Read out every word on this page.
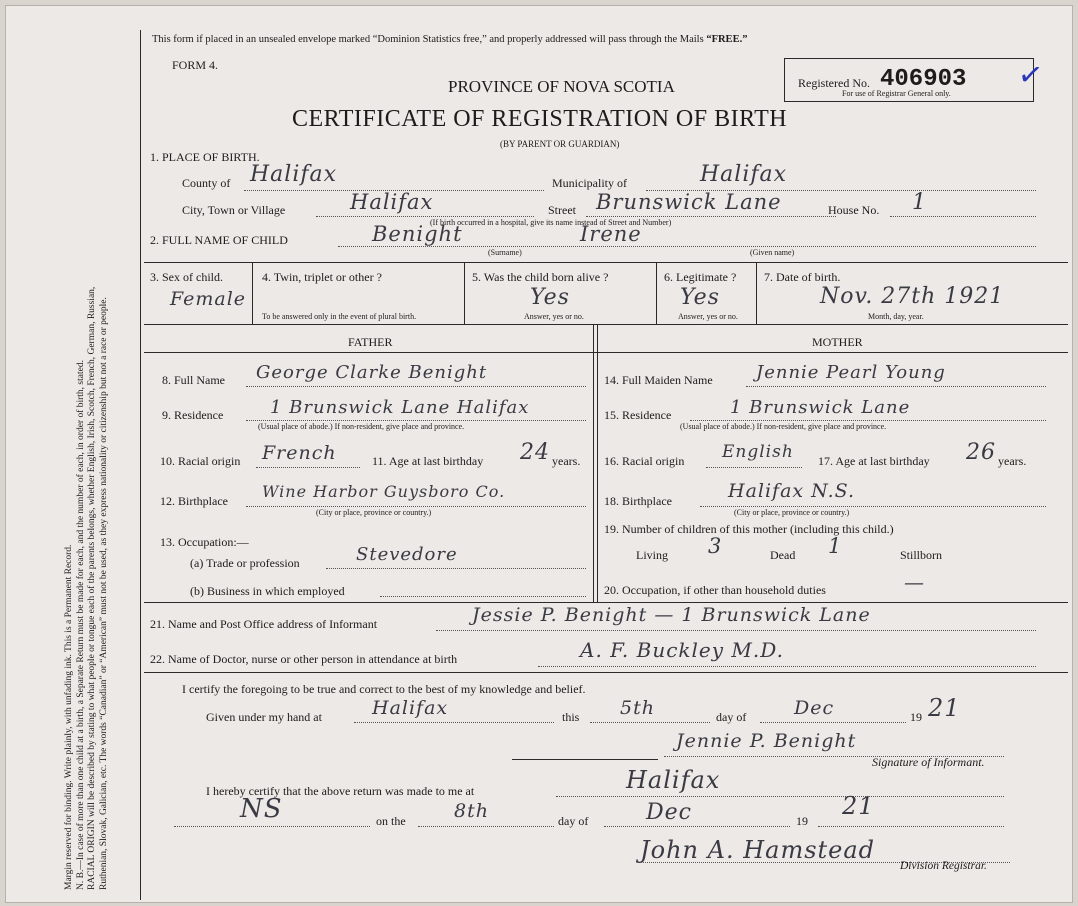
Margin reserved for binding. Write plainly, with unfading ink. This is a Permanent Record. N. B.—In case of more than one child at a birth, a Separate Return must be made for each, and the number of each, in order of birth, stated. RACIAL ORIGIN will be described by stating to what people or tongue each of the parents belongs, whether English, Irish, Scotch, French, German, Russian, Ruthenian, Slovak, Galician, etc. The words “Canadian” or “American” must not be used, as they express nationality or citizenship but not a race or people.
This form if placed in an unsealed envelope marked “Dominion Statistics free,” and properly addressed will pass through the Mails “FREE.”
FORM 4.
PROVINCE OF NOVA SCOTIA
CERTIFICATE OF REGISTRATION OF BIRTH
(BY PARENT OR GUARDIAN)
Registered No. 406903
For use of Registrar General only. ✓
1. PLACE OF BIRTH.
County of Halifax	Municipality of	Halifax
City, Town or Village	Halifax
(If birth occurred in a hospital, give its name instead of Street and Number)
Street Brunswick Lane	House No. 1
2. FULL NAME OF CHILD	Benight	Irene
(Surname)	(Given name)
3. Sex of child.
Female
4. Twin, triplet or other ?
To be answered only in the event of plural birth.
5. Was the child born alive ?
Yes
Answer, yes or no.
6. Legitimate ?
Yes
Answer, yes or no.
7. Date of birth.
Nov. 27th 1921
Month, day, year.
FATHER	MOTHER
8. Full Name George Clarke Benight
9. Residence	1 Brunswick Lane Halifax
(Usual place of abode.) If non-resident, give place and province.
10. Racial origin French	11. Age at last birthday 24 years.
12. Birthplace Wine Harbor Guysboro Co.
(City or place, province or country.)
13. Occupation:—
(a) Trade or profession	Stevedore
(b) Business in which employed
14. Full Maiden Name Jennie Pearl Young
15. Residence	1 Brunswick Lane
(Usual place of abode.) If non-resident, give place and province.
16. Racial origin English 17. Age at last birthday 26 years.
18. Birthplace	Halifax N.S.
(City or place, province or country.)
19. Number of children of this mother (including this child.)
Living 3	Dead 1	Stillborn
20. Occupation, if other than household duties	—
21. Name and Post Office address of Informant	Jessie P. Benight — 1 Brunswick Lane
22. Name of Doctor, nurse or other person in attendance at birth	A. F. Buckley M.D.
I certify the foregoing to be true and correct to the best of my knowledge and belief.
Given under my hand at	Halifax	this 5th	day of	Dec	19 21
Jennie P. Benight
Signature of Informant.
I hereby certify that the above return was made to me at	Halifax
NS	on the	8th	day of	Dec	19
21
John A. Hamstead
Division Registrar.
